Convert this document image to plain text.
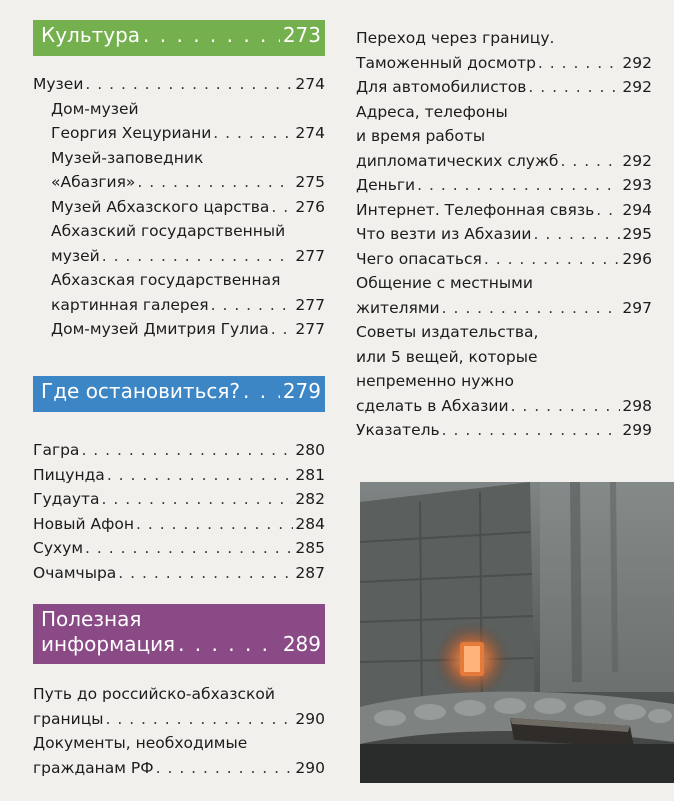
Культура . . .	273
Музеи . . .	274
Дом-музей
Георгия Хецуриани . . .	274
Музей-заповедник
«Абазгия» . . .	275
Музей Абхазского царства . . . 276
Абхазский государственный
музей . . .	277
Абхазская государственная
картинная галерея . . .	277
Дом-музей Дмитрия Гулиа . . . 277
Где остановиться? . . . 279
Гагра . . .	280
Пицунда . . .	281
Гудаута . . .	282
Новый Афон . . .	284
Сухум . . .	285
Очамчыра . . .	287
Полезная
информация . . .	289
Путь до российско-абхазской
границы . . .	290
Документы, необходимые
гражданам РФ . . .	290
Переход через границу.
Таможенный досмотр . . .	292
Для автомобилистов . . .	292
Адреса, телефоны
и время работы
дипломатических служб . . .	292
Деньги . . .	293
Интернет. Телефонная связь . . . 294
Что везти из Абхазии . . .	295
Чего опасаться . . .	296
Общение с местными
жителями . . .	297
Советы издательства,
или 5 вещей, которые
непременно нужно
сделать в Абхазии . . .	298
Указатель . . .	299
